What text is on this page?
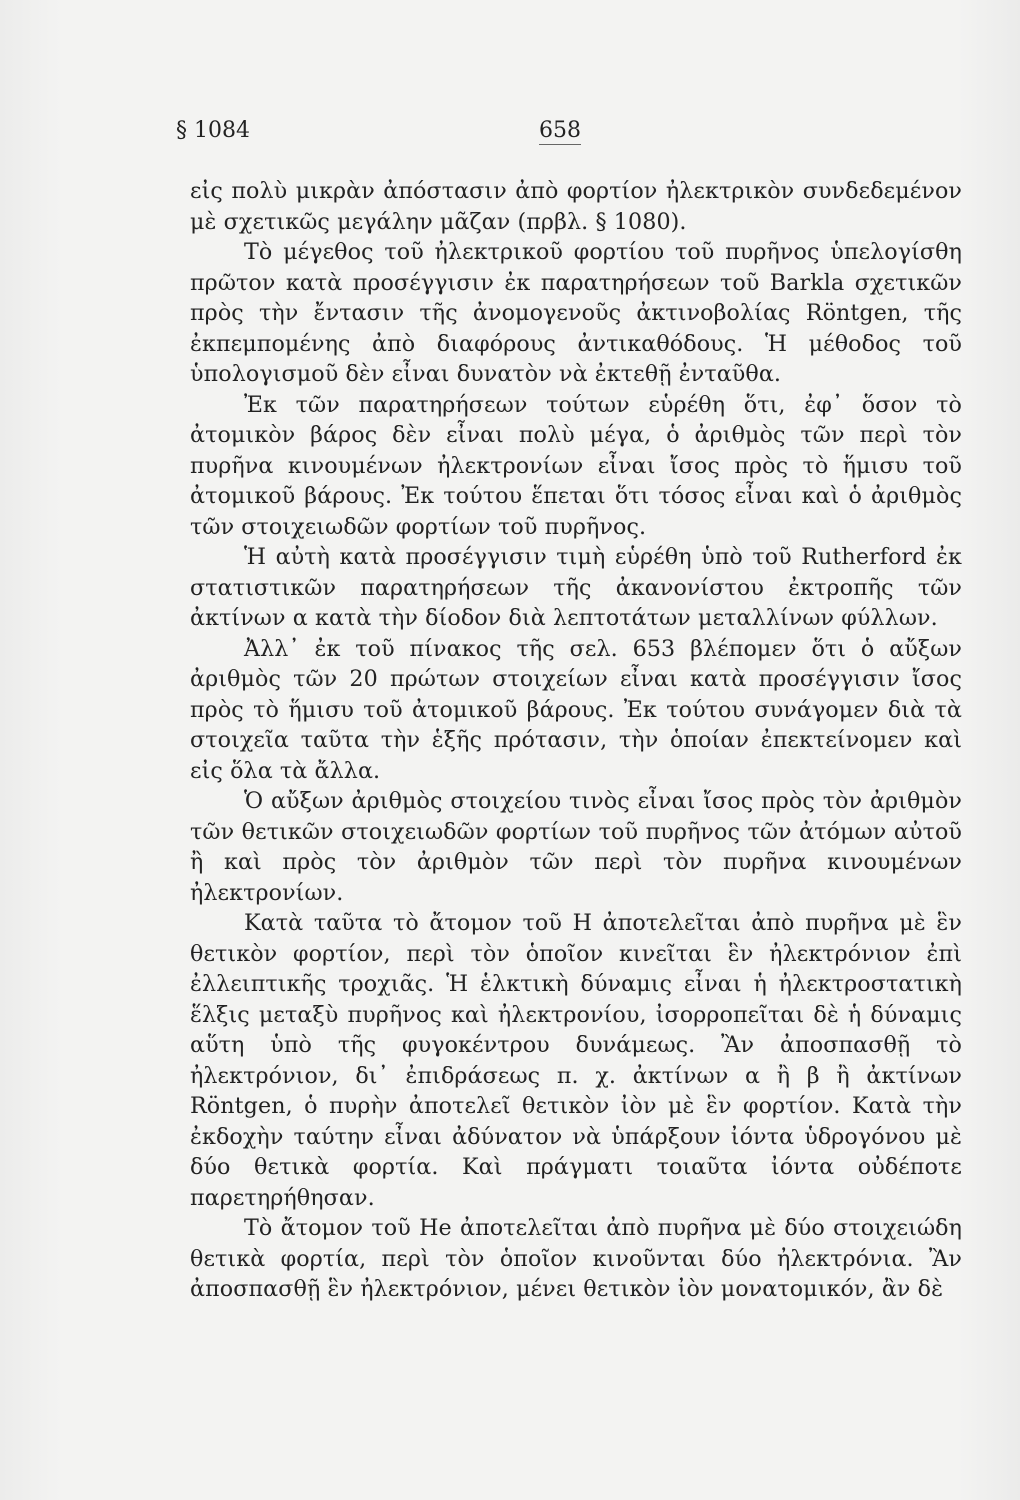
§ 1084	658

εἰς πολὺ μικρὰν ἀπόστασιν ἀπὸ φορτίον ἠλεκτρικὸν συνδεδεμένον μὲ σχετικῶς μεγάλην μᾶζαν (πρβλ. § 1080).

Τὸ μέγεθος τοῦ ἠλεκτρικοῦ φορτίου τοῦ πυρῆνος ὑπελογίσθη πρῶτον κατὰ προσέγγισιν ἐκ παρατηρήσεων τοῦ Barkla σχετικῶν πρὸς τὴν ἔντασιν τῆς ἀνομογενοῦς ἀκτινοβολίας Röntgen, τῆς ἐκπεμπομένης ἀπὸ διαφόρους ἀντικαθόδους. Ἡ μέθοδος τοῦ ὑπολογισμοῦ δὲν εἶναι δυνατὸν νὰ ἐκτεθῇ ἐνταῦθα.

Ἐκ τῶν παρατηρήσεων τούτων εὑρέθη ὅτι, ἐφ᾽ ὅσον τὸ ἀτομικὸν βάρος δὲν εἶναι πολὺ μέγα, ὁ ἀριθμὸς τῶν περὶ τὸν πυρῆνα κινουμένων ἠλεκτρονίων εἶναι ἴσος πρὸς τὸ ἥμισυ τοῦ ἀτομικοῦ βάρους. Ἐκ τούτου ἕπεται ὅτι τόσος εἶναι καὶ ὁ ἀριθμὸς τῶν στοιχειωδῶν φορτίων τοῦ πυρῆνος.

Ἡ αὐτὴ κατὰ προσέγγισιν τιμὴ εὑρέθη ὑπὸ τοῦ Rutherford ἐκ στατιστικῶν παρατηρήσεων τῆς ἀκανονίστου ἐκτροπῆς τῶν ἀκτίνων α κατὰ τὴν δίοδον διὰ λεπτοτάτων μεταλλίνων φύλλων.

Ἀλλ᾽ ἐκ τοῦ πίνακος τῆς σελ. 653 βλέπομεν ὅτι ὁ αὔξων ἀριθμὸς τῶν 20 πρώτων στοιχείων εἶναι κατὰ προσέγγισιν ἴσος πρὸς τὸ ἥμισυ τοῦ ἀτομικοῦ βάρους. Ἐκ τούτου συνάγομεν διὰ τὰ στοιχεῖα ταῦτα τὴν ἑξῆς πρότασιν, τὴν ὁποίαν ἐπεκτείνομεν καὶ εἰς ὅλα τὰ ἄλλα.

Ὁ αὔξων ἀριθμὸς στοιχείου τινὸς εἶναι ἴσος πρὸς τὸν ἀριθμὸν τῶν θετικῶν στοιχειωδῶν φορτίων τοῦ πυρῆνος τῶν ἀτόμων αὐτοῦ ἢ καὶ πρὸς τὸν ἀριθμὸν τῶν περὶ τὸν πυρῆνα κινουμένων ἠλεκτρονίων.

Κατὰ ταῦτα τὸ ἄτομον τοῦ Η ἀποτελεῖται ἀπὸ πυρῆνα μὲ ἓν θετικὸν φορτίον, περὶ τὸν ὁποῖον κινεῖται ἓν ἠλεκτρόνιον ἐπὶ ἐλλειπτικῆς τροχιᾶς. Ἡ ἑλκτικὴ δύναμις εἶναι ἡ ἠλεκτροστατικὴ ἕλξις μεταξὺ πυρῆνος καὶ ἠλεκτρονίου, ἰσορροπεῖται δὲ ἡ δύναμις αὕτη ὑπὸ τῆς φυγοκέντρου δυνάμεως. Ἂν ἀποσπασθῇ τὸ ἠλεκτρόνιον, δι᾽ ἐπιδράσεως π. χ. ἀκτίνων α ἢ β ἢ ἀκτίνων Röntgen, ὁ πυρὴν ἀποτελεῖ θετικὸν ἰὸν μὲ ἓν φορτίον. Κατὰ τὴν ἐκδοχὴν ταύτην εἶναι ἀδύνατον νὰ ὑπάρξουν ἰόντα ὑδρογόνου μὲ δύο θετικὰ φορτία. Καὶ πράγματι τοιαῦτα ἰόντα οὐδέποτε παρετηρήθησαν.

Τὸ ἄτομον τοῦ He ἀποτελεῖται ἀπὸ πυρῆνα μὲ δύο στοιχειώδη θετικὰ φορτία, περὶ τὸν ὁποῖον κινοῦνται δύο ἠλεκτρόνια. Ἂν ἀποσπασθῇ ἓν ἠλεκτρόνιον, μένει θετικὸν ἰὸν μονατομικόν, ἂν δὲ
